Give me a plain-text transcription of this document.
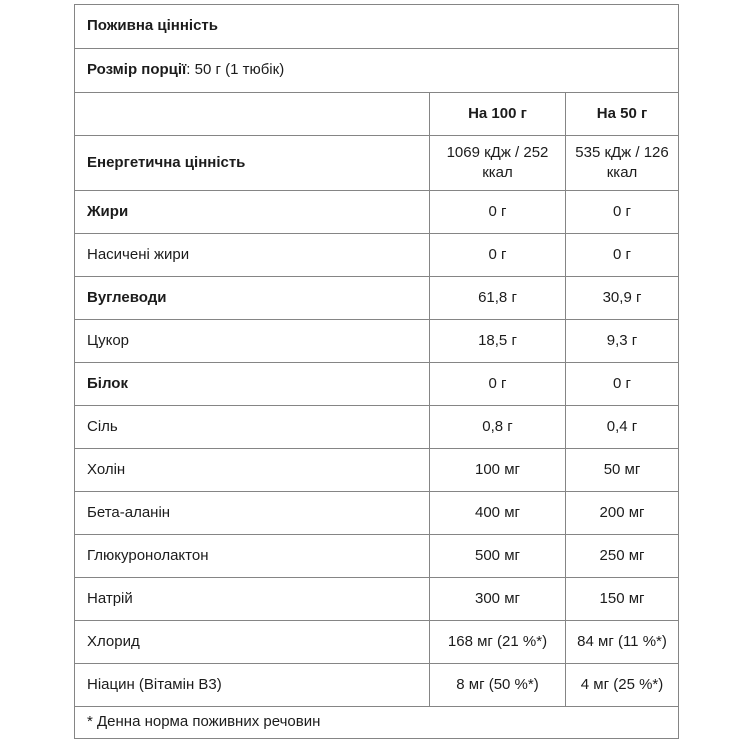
Поживна цінність		
Розмір порції: 50 г (1 тюбік)		
	На 100 г	На 50 г
Енергетична цінність	1069 кДж / 252 ккал	535 кДж / 126 ккал
Жири	0 г	0 г
Насичені жири	0 г	0 г
Вуглеводи	61,8 г	30,9 г
Цукор	18,5 г	9,3 г
Білок	0 г	0 г
Сіль	0,8 г	0,4 г
Холін	100 мг	50 мг
Бета-аланін	400 мг	200 мг
Глюкуронолактон	500 мг	250 мг
Натрій	300 мг	150 мг
Хлорид	168 мг (21 %*)	84 мг (11 %*)
Ніацин (Вітамін В3)	8 мг (50 %*)	4 мг (25 %*)
* Денна норма поживних речовин		
